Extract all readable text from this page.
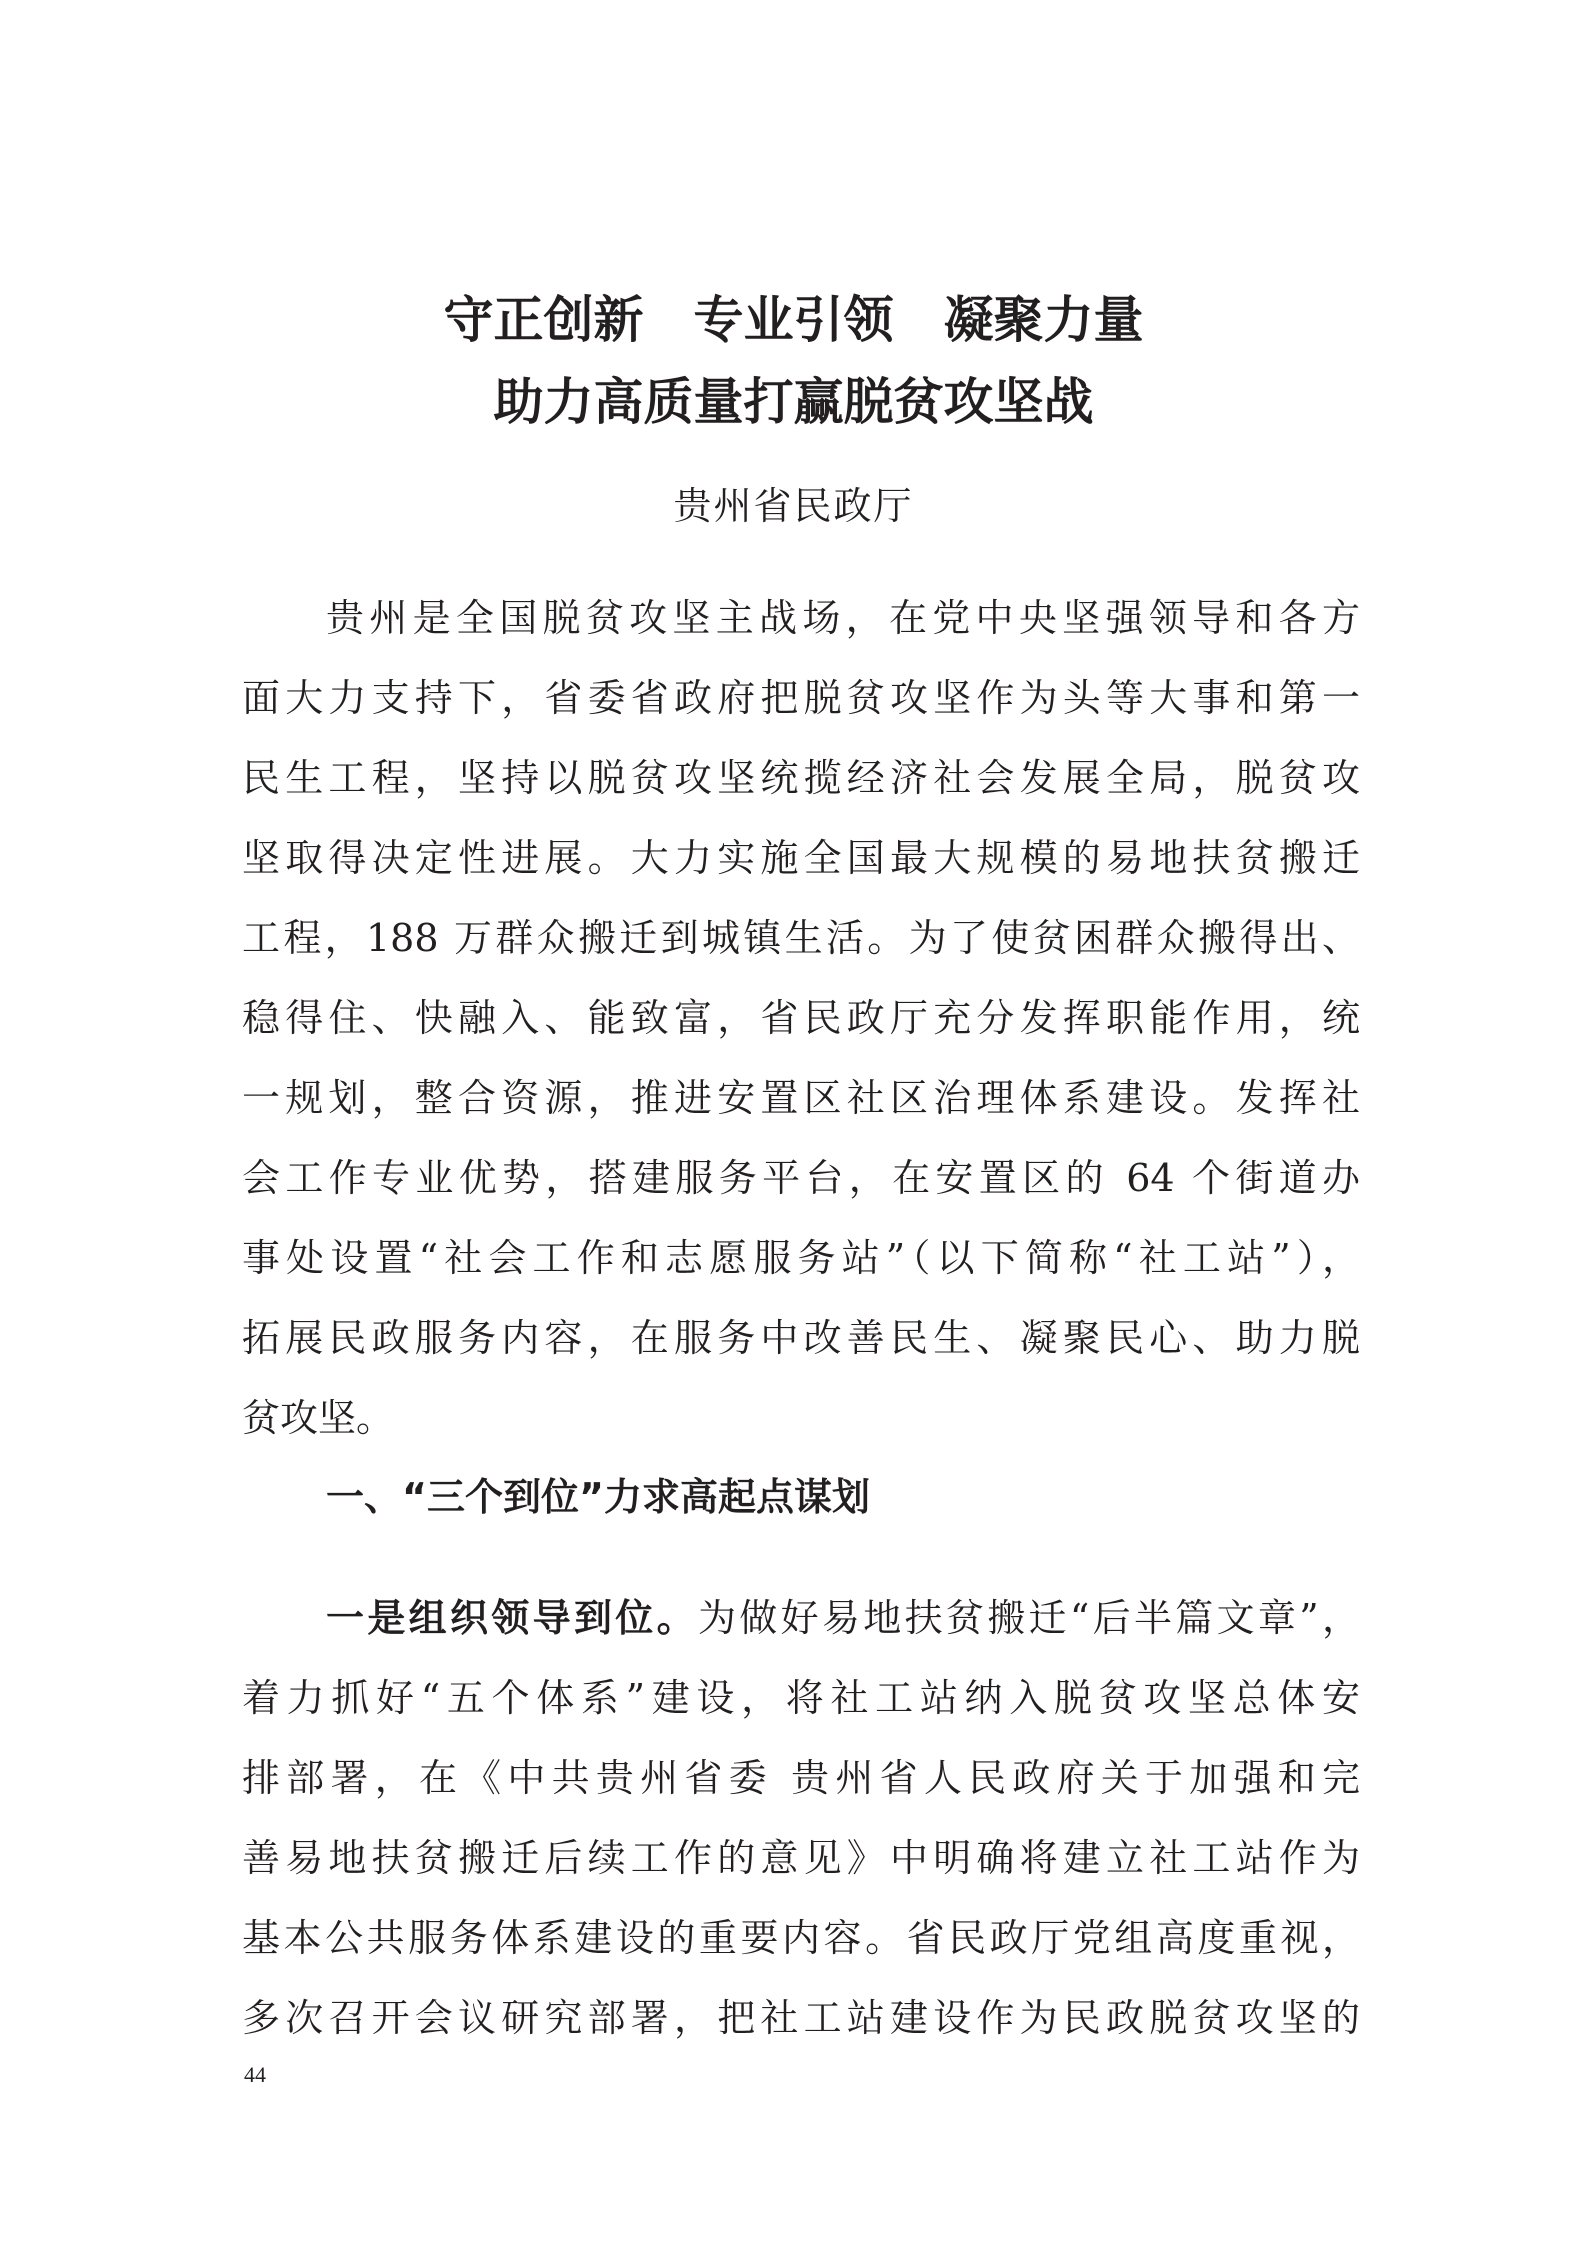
守正创新　专业引领　凝聚力量
助力高质量打赢脱贫攻坚战
贵州省民政厅
贵州是全国脱贫攻坚主战场，在党中央坚强领导和各方
面大力支持下，省委省政府把脱贫攻坚作为头等大事和第一
民生工程，坚持以脱贫攻坚统揽经济社会发展全局，脱贫攻
坚取得决定性进展。大力实施全国最大规模的易地扶贫搬迁
工程，188 万群众搬迁到城镇生活。为了使贫困群众搬得出、
稳得住、快融入、能致富，省民政厅充分发挥职能作用，统
一规划，整合资源，推进安置区社区治理体系建设。发挥社
会工作专业优势，搭建服务平台，在安置区的 64 个街道办
事处设置“社会工作和志愿服务站”（以下简称“社工站”），
拓展民政服务内容，在服务中改善民生、凝聚民心、助力脱
贫攻坚。
一、“三个到位”力求高起点谋划
一是组织领导到位。为做好易地扶贫搬迁“后半篇文章”，
着力抓好“五个体系”建设，将社工站纳入脱贫攻坚总体安
排部署，在《中共贵州省委 贵州省人民政府关于加强和完
善易地扶贫搬迁后续工作的意见》中明确将建立社工站作为
基本公共服务体系建设的重要内容。省民政厅党组高度重视，
多次召开会议研究部署，把社工站建设作为民政脱贫攻坚的
44
